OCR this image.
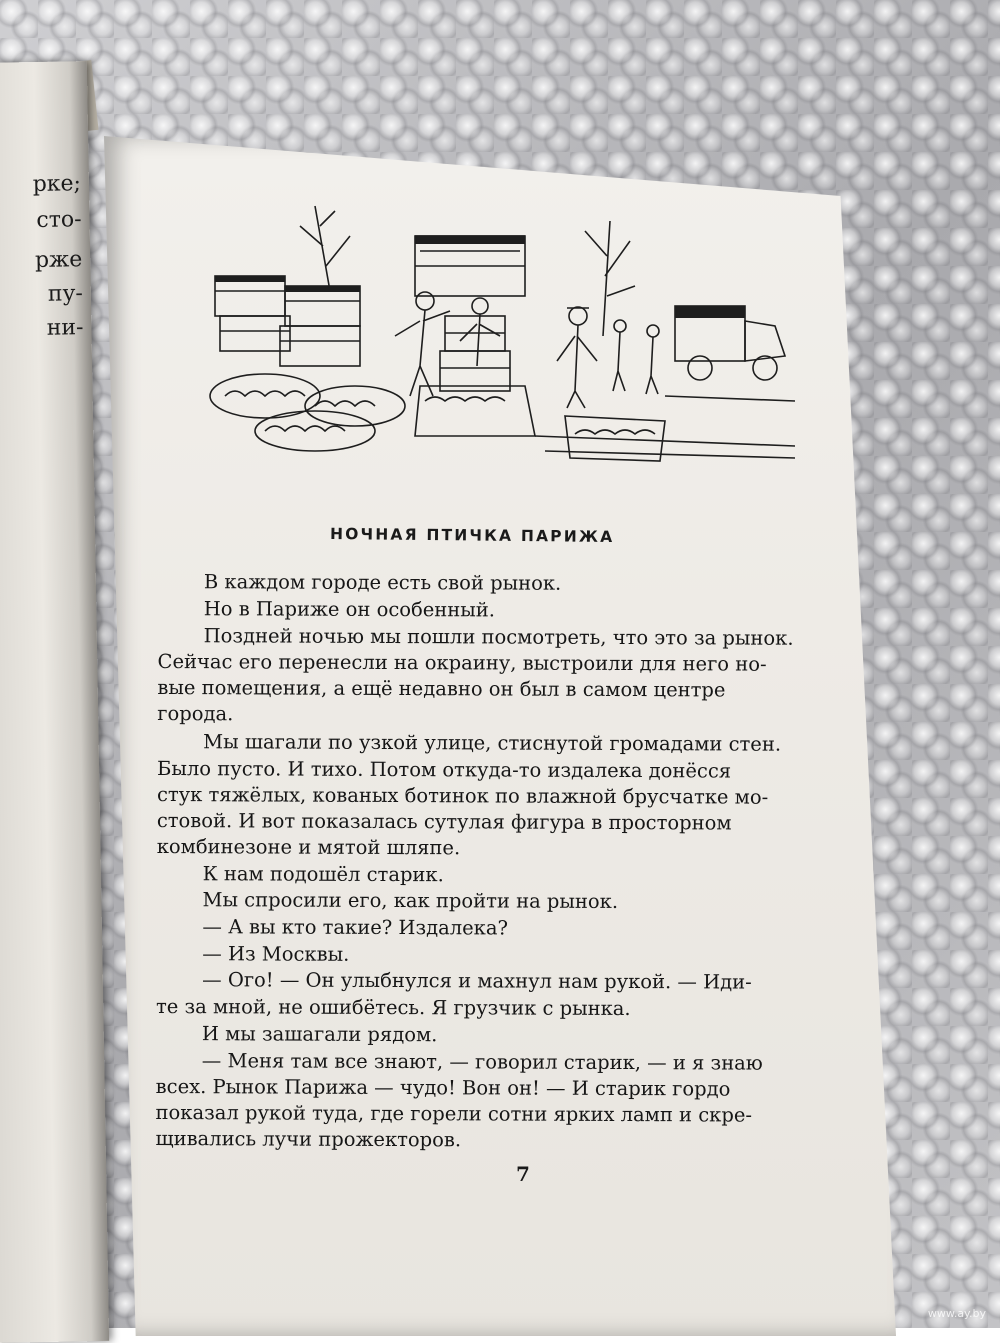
рке;
сто-
рже
пу-
ни-
НОЧНАЯ ПТИЧКА ПАРИЖА
В каждом городе есть свой рынок.
Но в Париже он особенный.
Поздней ночью мы пошли посмотреть, что это за рынок.
Сейчас его перенесли на окраину, выстроили для него но-
вые помещения, а ещё недавно он был в самом центре
города.
Мы шагали по узкой улице, стиснутой громадами стен.
Было пусто. И тихо. Потом откуда-то издалека донёсся
стук тяжёлых, кованых ботинок по влажной брусчатке мо-
стовой. И вот показалась сутулая фигура в просторном
комбинезоне и мятой шляпе.
К нам подошёл старик.
Мы спросили его, как пройти на рынок.
— А вы кто такие? Издалека?
— Из Москвы.
— Ого! — Он улыбнулся и махнул нам рукой. — Иди-
те за мной, не ошибётесь. Я грузчик с рынка.
И мы зашагали рядом.
— Меня там все знают, — говорил старик, — и я знаю
всех. Рынок Парижа — чудо! Вон он! — И старик гордо
показал рукой туда, где горели сотни ярких ламп и скре-
щивались лучи прожекторов.
7
www.ay.by
